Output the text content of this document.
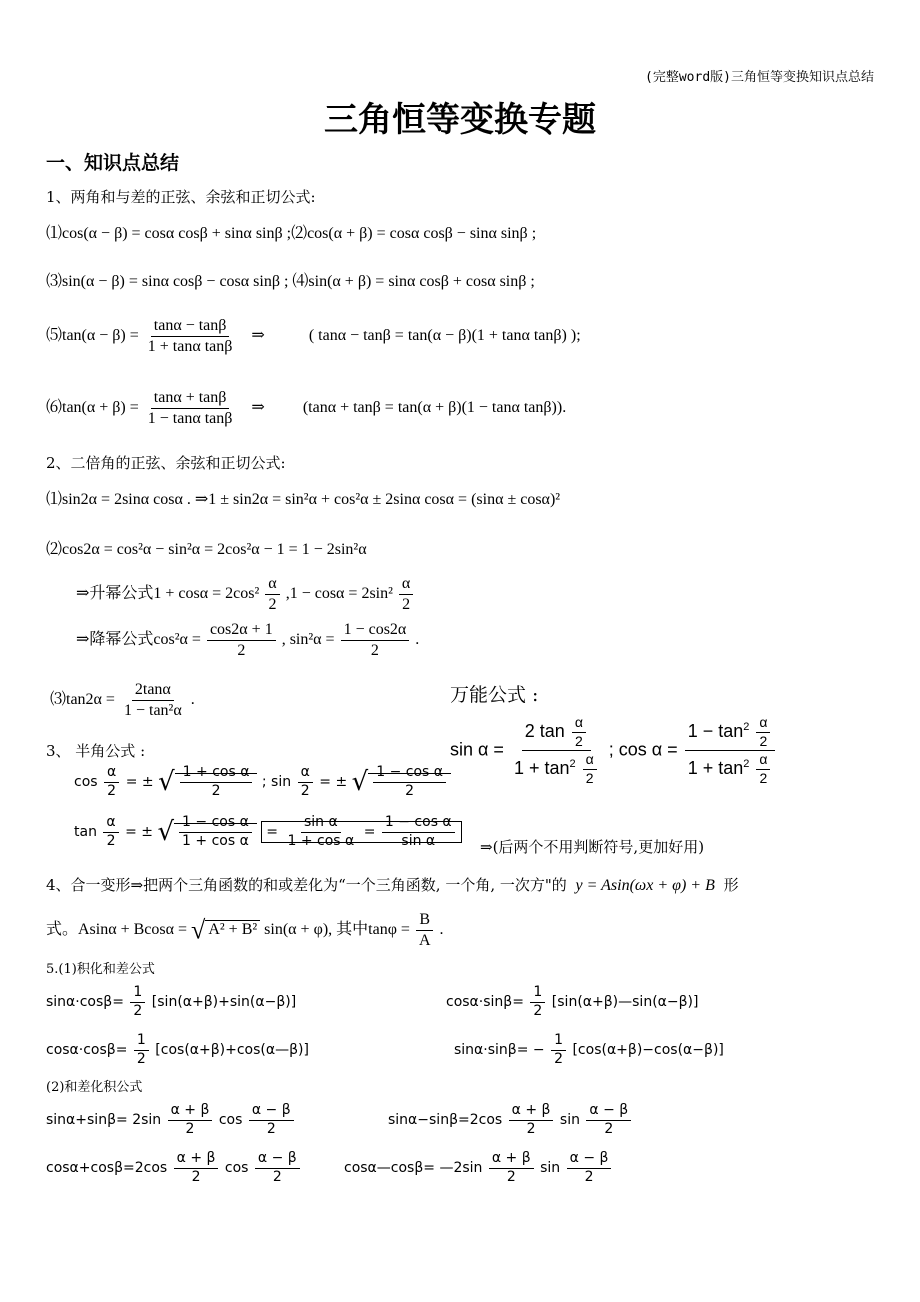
(完整word版)三角恒等变换知识点总结
三角恒等变换专题
一、知识点总结
1、两角和与差的正弦、余弦和正切公式:
⑴cos(α − β) = cosα cosβ + sinα sinβ ;⑵cos(α + β) = cosα cosβ − sinα sinβ ;
⑶sin(α − β) = sinα cosβ − cosα sinβ ; ⑷sin(α + β) = sinα cosβ + cosα sinβ ;
⑸tan(α − $\beta) = \frac{\tan\alpha - \tan\beta}{\text{1 + tanα tanβ}}$ ⇒	( tanα − tanβ = tan(α − β)(1 + tanα tanβ) );
⑹tan(α + $\beta) = \frac{\tan\alpha + \tan\beta}{\text{1 − tanα tanβ}}$ ⇒ (tanα + tanβ = tan(α + β)(1 − tanα tanβ)).
2、二倍角的正弦、余弦和正切公式:
⑴sin2α = 2sinα cosα . ⇒1 ± sin2α = sin²α + cos²α ± 2sinα cosα = (sinα ± cosα)²
⑵cos2α = cos²α − sin²α = 2cos²α − 1 = 1 − 2sin²α
⇒升幂公式$1 + \cos\alpha = 2\cos^2 \frac{\alpha}{2} ,1 - \cos\alpha = 2\sin^2 \frac{\alpha}{2}$
⇒降幂公式$\cos^2\alpha = \frac{\cos 2\alpha + 1}{2}$ , $\sin^2\alpha = \frac{1 - \cos 2\alpha}{2}$ .
⑶tan2α = $\frac{2\tan\alpha}{\text{1 − tan²α}}$ .	万能公式 :
$\sin \alpha = \frac{2 \tan \frac{\alpha}{2}}{1 + \tan^2 \frac{\alpha}{2}}$ ; $\cos \alpha = \frac{1 - \tan^2 \frac{\alpha}{2}}{1 + \tan^2 \frac{\alpha}{2}}$
3、 半角公式 :
$\cos \frac{\alpha}{2}$ = ± √ $\frac{\text{1 + cos α}}{2}$ ; $\sin \frac{\alpha}{2}$ = ± √ $\frac{\text{1 − cos α}}{2}$
$\tan \frac{\alpha}{2}$ = ± √ $\frac{\text{1 − cos α}}{\text{1 + cos α}} = \frac{\text{sin α}}{\text{1 + cos α}} = \frac{\text{1 − cos α}}{\text{sin α}}$ ⇒(后两个不用判断符号,更加好用)
4、合一变形⇒把两个三角函数的和或差化为“一个三角函数, 一个角, 一次方"的 y = Asin(ωx + φ) + B 形
式。Asinα + Bcosα = √ A² + B² sin(α + φ), 其中$\tan\varphi = \frac{B}{A}$ .
5.(1)积化和差公式
$\sin\alpha\cdot\cos\beta= \frac{1}{2} [\sin(\alpha+\beta)+\sin(\alpha-\beta)]$	$\cos\alpha\cdot\sin\beta= \frac{1}{2}$ [sin(α+β)—sin(α−β)]
$\cos\alpha\cdot\cos\beta= \frac{1}{2}$ [cos(α+β)+cos(α—β)]	$\sin\alpha\cdot\sin\beta= - \frac{1}{2} [\cos(\alpha+\beta)-\cos(\alpha-\beta)]$
(2)和差化积公式
$\sin\alpha+\sin\beta= 2\sin \frac{\alpha + \beta}{2}$ $\cos \frac{\alpha - \beta}{2}$	$\sin\alpha-\sin\beta=2\cos \frac{\alpha + \beta}{2}$ $\sin \frac{\alpha - \beta}{2}$
$\cos\alpha+\cos\beta=2\cos \frac{\alpha + \beta}{2}$ $\cos \frac{\alpha - \beta}{2}$	cosα—cosβ= —2sin $\frac{\alpha + \beta}{2}$ $\sin \frac{\alpha - \beta}{2}$
